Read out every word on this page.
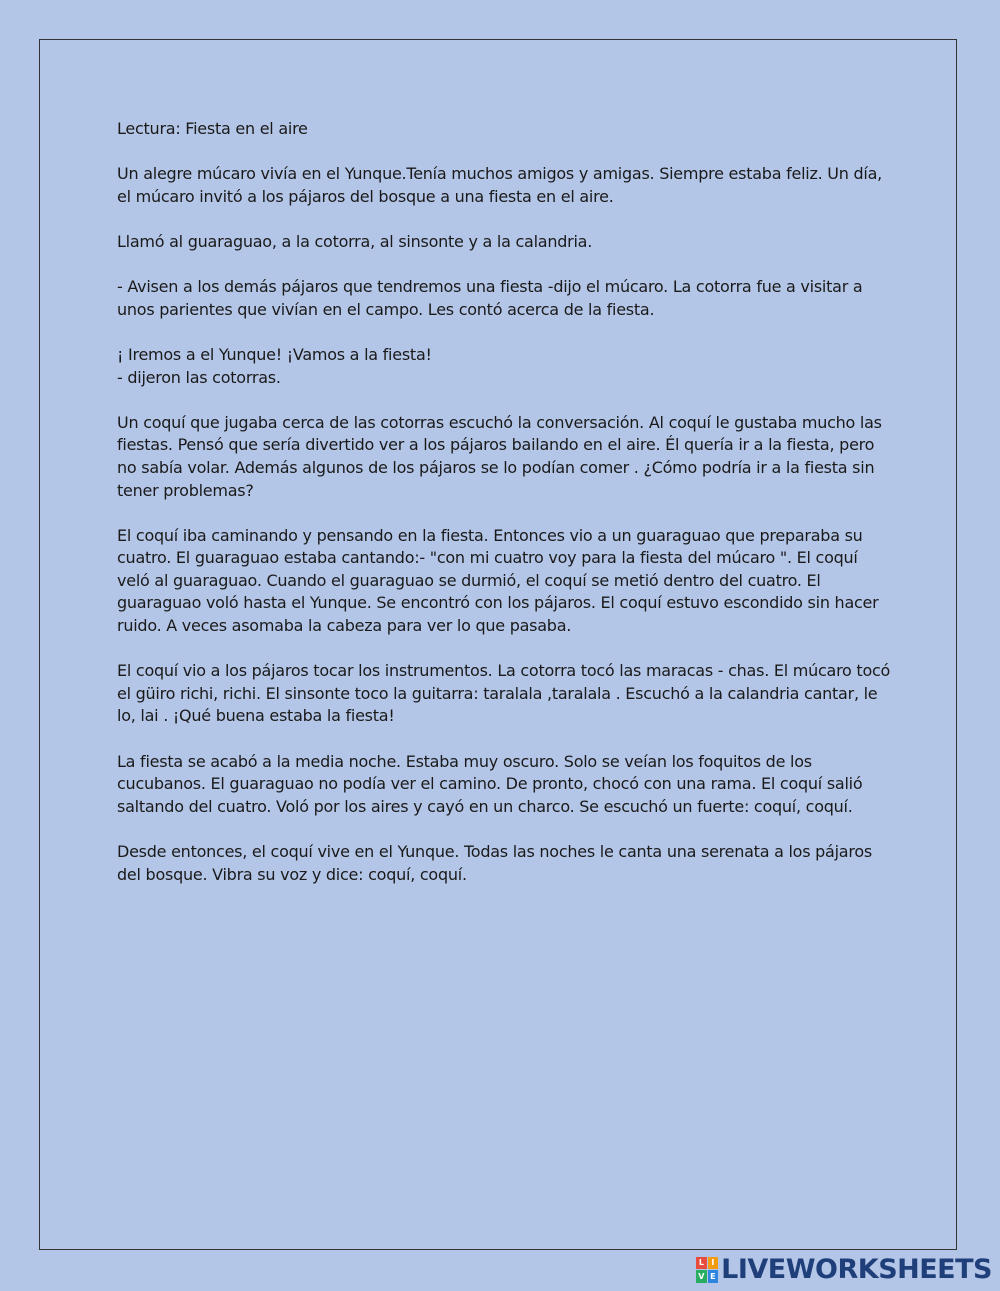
Lectura: Fiesta en el aire

Un alegre múcaro vivía en el Yunque.Tenía muchos amigos y amigas. Siempre estaba feliz. Un día, el múcaro invitó a los pájaros del bosque a una fiesta en el aire.

Llamó al guaraguao, a la cotorra, al sinsonte y a la calandria.

- Avisen a los demás pájaros que tendremos una fiesta -dijo el múcaro. La cotorra fue a visitar a unos parientes que vivían en el campo. Les contó acerca de la fiesta.

¡ Iremos a el Yunque! ¡Vamos a la fiesta!

- dijeron las cotorras.

Un coquí que jugaba cerca de las cotorras escuchó la conversación. Al coquí le gustaba mucho las fiestas. Pensó que sería divertido ver a los pájaros bailando en el aire. Él quería ir a la fiesta, pero no sabía volar. Además algunos de los pájaros se lo podían comer . ¿Cómo podría ir a la fiesta sin tener problemas?

El coquí iba caminando y pensando en la fiesta. Entonces vio a un guaraguao que preparaba su cuatro. El guaraguao estaba cantando:- "con mi cuatro voy para la fiesta del múcaro ". El coquí veló al guaraguao. Cuando el guaraguao se durmió, el coquí se metió dentro del cuatro. El guaraguao voló hasta el Yunque. Se encontró con los pájaros. El coquí estuvo escondido sin hacer ruido. A veces asomaba la cabeza para ver lo que pasaba.

El coquí vio a los pájaros tocar los instrumentos. La cotorra tocó las maracas - chas. El múcaro tocó el güiro richi, richi. El sinsonte toco la guitarra: taralala ,taralala . Escuchó a la calandria cantar, le lo, lai . ¡Qué buena estaba la fiesta!

La fiesta se acabó a la media noche. Estaba muy oscuro. Solo se veían los foquitos de los cucubanos. El guaraguao no podía ver el camino. De pronto, chocó con una rama. El coquí salió saltando del cuatro. Voló por los aires y cayó en un charco. Se escuchó un fuerte: coquí, coquí.

Desde entonces, el coquí vive en el Yunque. Todas las noches le canta una serenata a los pájaros del bosque. Vibra su voz y dice: coquí, coquí.

L I
V E LIVEWORKSHEETS
